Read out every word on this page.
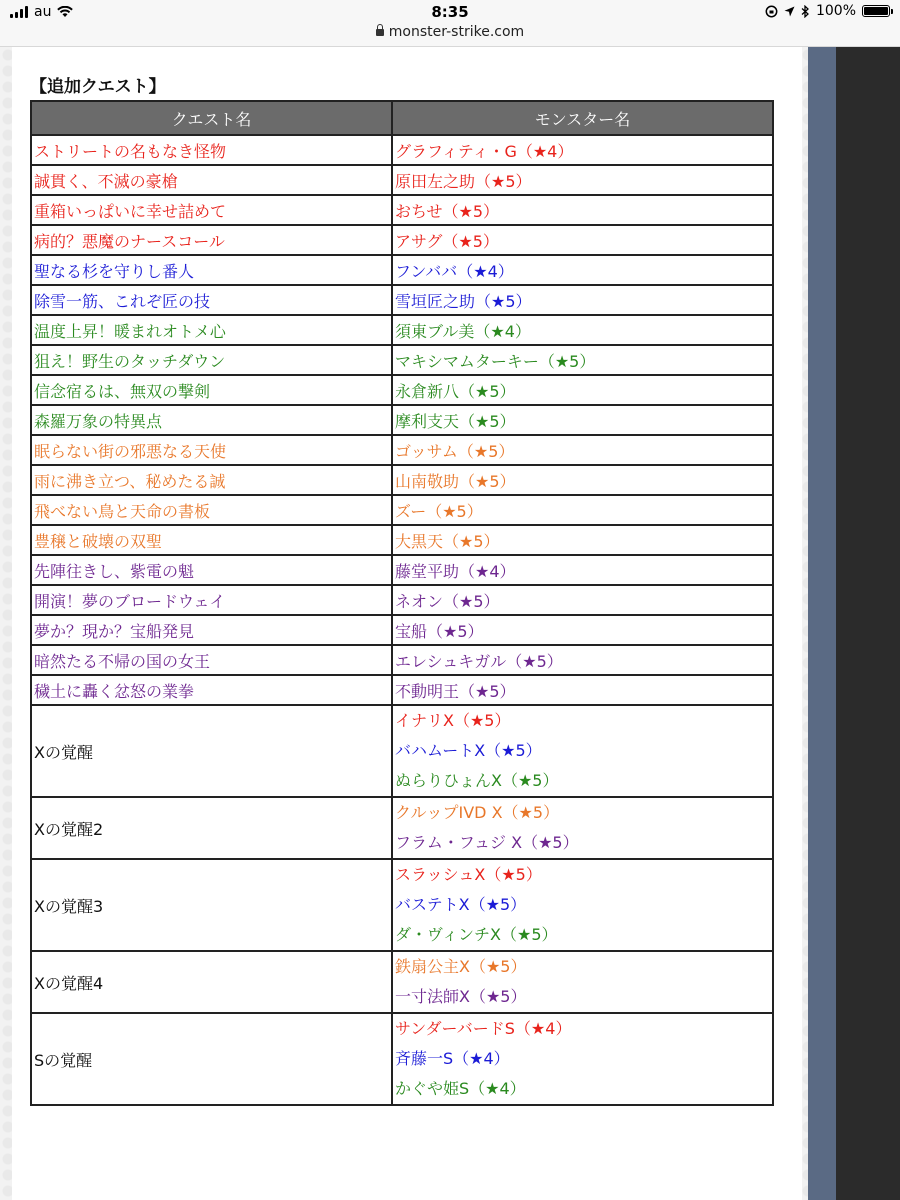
au	8:35	100%
monster-strike.com
【追加クエスト】
クエスト名	モンスター名
ストリートの名もなき怪物	グラフィティ・G（★4）

誠貫く、不滅の豪槍	原田左之助（★5）

重箱いっぱいに幸せ詰めて	おちせ（★5）

病的？悪魔のナースコール	アサグ（★5）

聖なる杉を守りし番人	フンババ（★4）

除雪一筋、これぞ匠の技	雪垣匠之助（★5）

温度上昇！暖まれオトメ心	須東ブル美（★4）

狙え！野生のタッチダウン	マキシマムターキー（★5）

信念宿るは、無双の撃剣	永倉新八（★5）

森羅万象の特異点	摩利支天（★5）

眠らない街の邪悪なる天使	ゴッサム（★5）

雨に沸き立つ、秘めたる誠	山南敬助（★5）

飛べない鳥と天命の書板	ズー（★5）

豊穣と破壊の双聖	大黒天（★5）

先陣往きし、紫電の魁	藤堂平助（★4）

開演！夢のブロードウェイ	ネオン（★5）

夢か？現か？宝船発見	宝船（★5）

暗然たる不帰の国の女王	エレシュキガル（★5）

穢土に轟く忿怒の業拳	不動明王（★5）

Xの覚醒	イナリX（★5）
バハムートX（★5）
ぬらりひょんX（★5）

Xの覚醒2	クルップIVD X（★5）
フラム・フュジ X（★5）

Xの覚醒3	スラッシュX（★5）
バステトX（★5）
ダ・ヴィンチX（★5）

Xの覚醒4	鉄扇公主X（★5）
一寸法師X（★5）

Sの覚醒	サンダーバードS（★4）
斉藤一S（★4）
かぐや姫S（★4）
